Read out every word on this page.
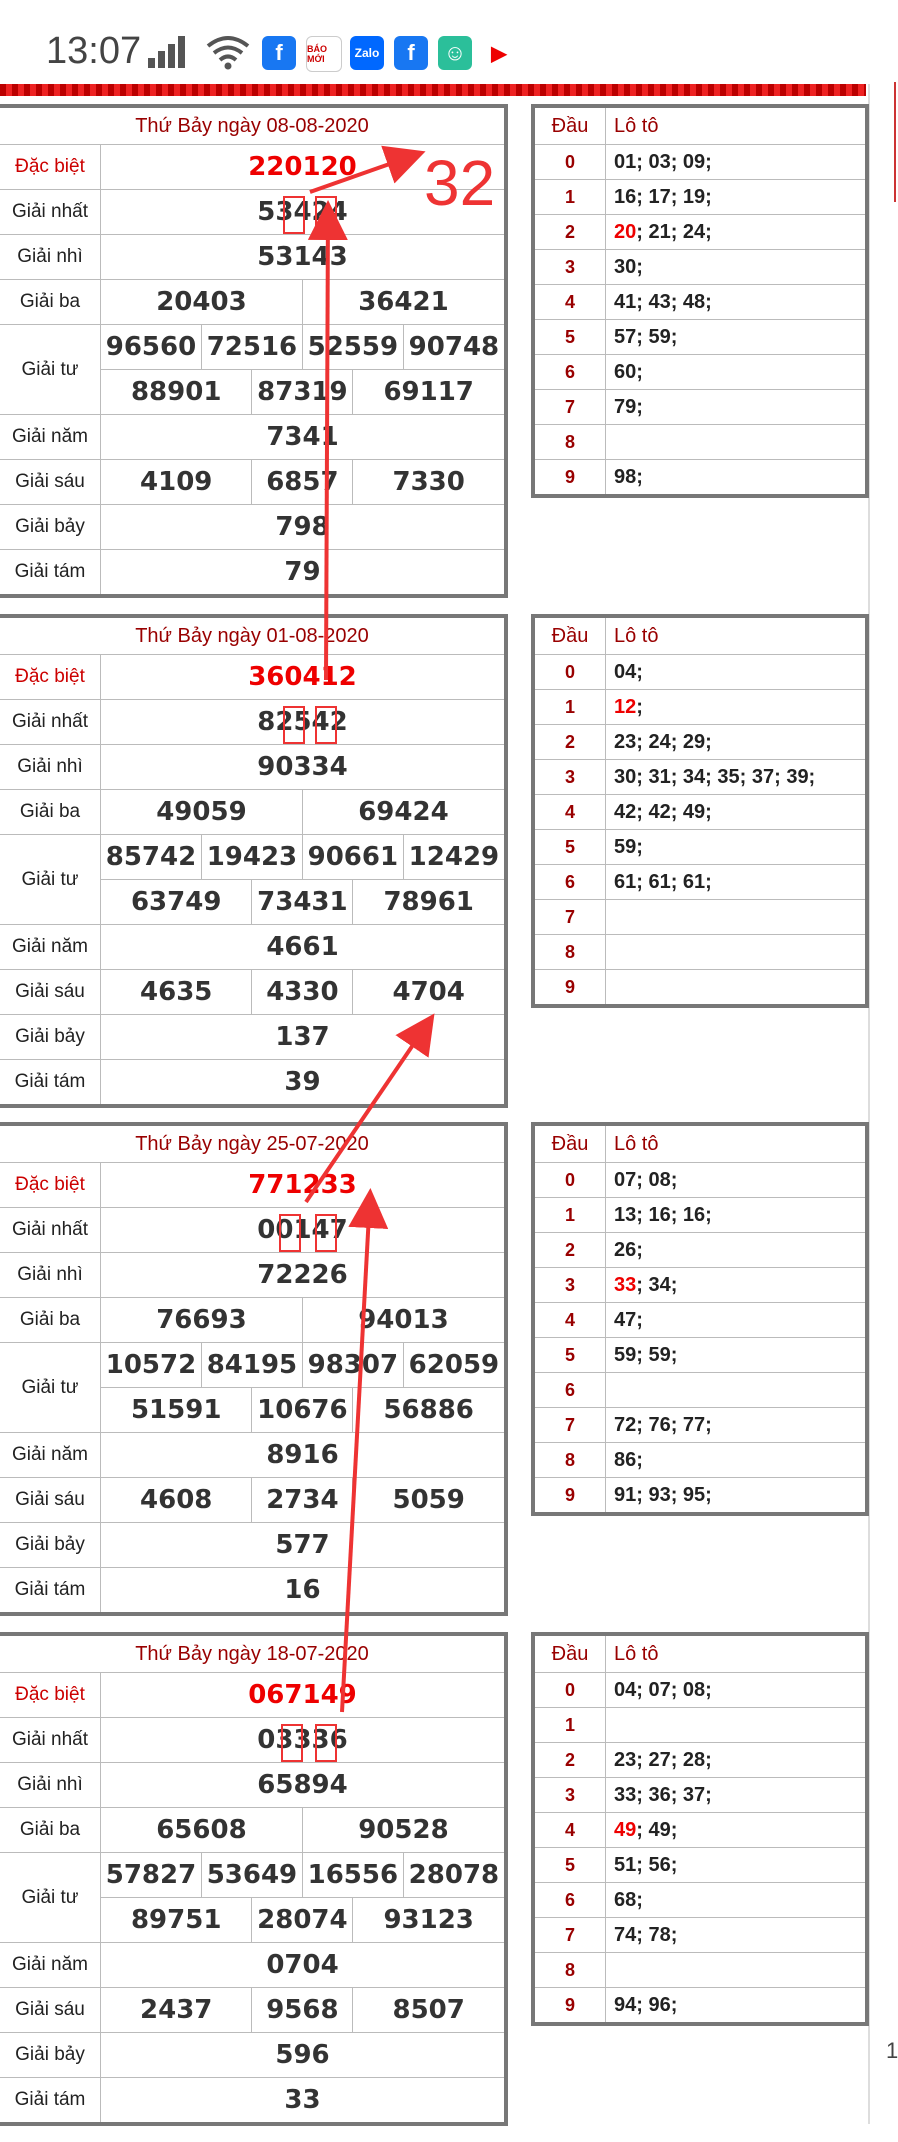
13:07	f	BÁO MỚI	Zalo	f	☺	▶
Thứ Bảy ngày 08-08-2020						
Đặc biệt	220120					
Giải nhất	53424					
Giải nhì	53143					
Giải ba	20403			36421		
Giải tư	96560	72516		52559		90748
	88901		87319		69117	
Giải năm	7341					
Giải sáu	4109		6857		7330	
Giải bảy	798					
Giải tám	79					
Đầu	Lô tô
0	01; 03; 09;
1	16; 17; 19;
2	20; 21; 24;
3	30;
4	41; 43; 48;
5	57; 59;
6	60;
7	79;
8	
9	98;
Thứ Bảy ngày 01-08-2020						
Đặc biệt	360412					
Giải nhất	82542					
Giải nhì	90334					
Giải ba	49059			69424		
Giải tư	85742	19423		90661		12429
	63749		73431		78961	
Giải năm	4661					
Giải sáu	4635		4330		4704	
Giải bảy	137					
Giải tám	39					
Đầu	Lô tô
0	04;
1	12;
2	23; 24; 29;
3	30; 31; 34; 35; 37; 39;
4	42; 42; 49;
5	59;
6	61; 61; 61;
7	
8	
9	
Thứ Bảy ngày 25-07-2020						
Đặc biệt	771233					
Giải nhất	00147					
Giải nhì	72226					
Giải ba	76693			94013		
Giải tư	10572	84195		98307		62059
	51591		10676		56886	
Giải năm	8916					
Giải sáu	4608		2734		5059	
Giải bảy	577					
Giải tám	16					
Đầu	Lô tô
0	07; 08;
1	13; 16; 16;
2	26;
3	33; 34;
4	47;
5	59; 59;
6	
7	72; 76; 77;
8	86;
9	91; 93; 95;
Thứ Bảy ngày 18-07-2020						
Đặc biệt	067149					
Giải nhất	03336					
Giải nhì	65894					
Giải ba	65608			90528		
Giải tư	57827	53649		16556		28078
	89751		28074		93123	
Giải năm	0704					
Giải sáu	2437		9568		8507	
Giải bảy	596					
Giải tám	33					
Đầu	Lô tô
0	04; 07; 08;
1	
2	23; 27; 28;
3	33; 36; 37;
4	49; 49;
5	51; 56;
6	68;
7	74; 78;
8	
9	94; 96;
32
1
